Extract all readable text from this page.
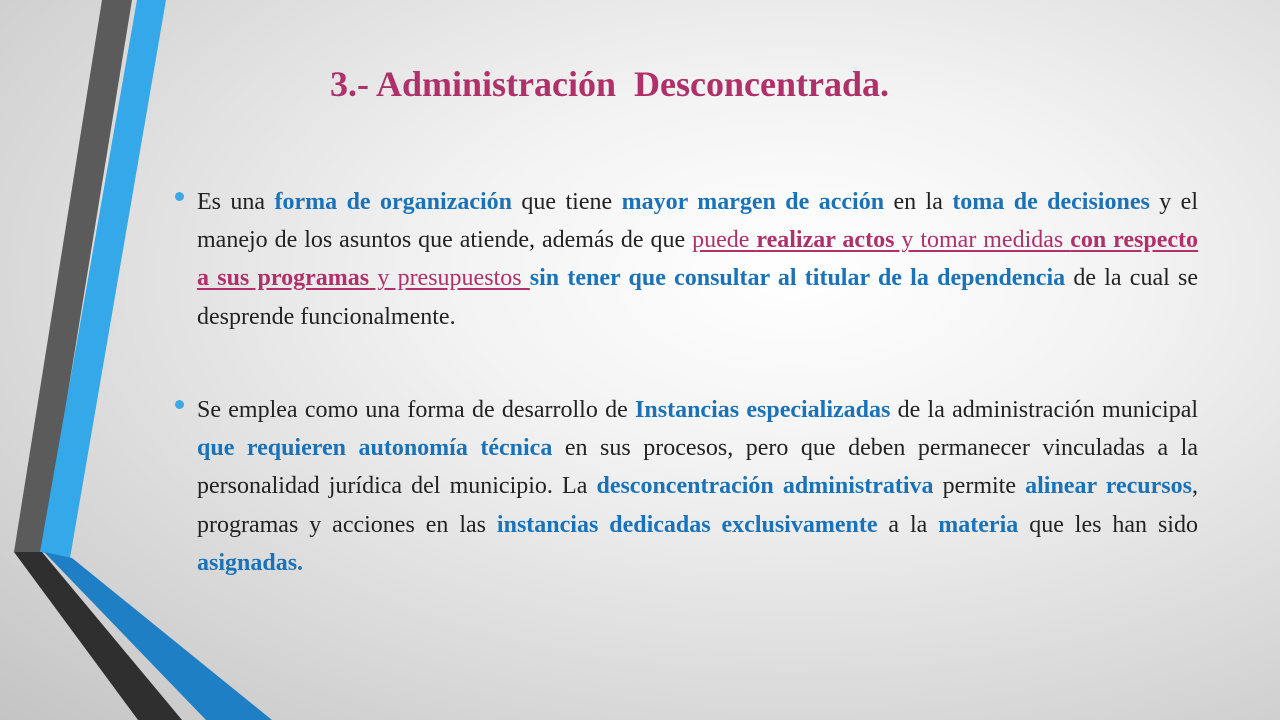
3.- Administración  Desconcentrada.

Es una forma de organización que tiene mayor margen de acción en la toma de decisiones y el manejo de los asuntos que atiende, además de que puede realizar actos y tomar medidas con respecto a sus programas y presupuestos sin tener que consultar al titular de la dependencia de la cual se desprende funcionalmente.

Se emplea como una forma de desarrollo de Instancias especializadas de la administración municipal que requieren autonomía técnica en sus procesos, pero que deben permanecer vinculadas a la personalidad jurídica del municipio. La desconcentración administrativa permite alinear recursos, programas y acciones en las instancias dedicadas exclusivamente a la materia que les han sido asignadas.
